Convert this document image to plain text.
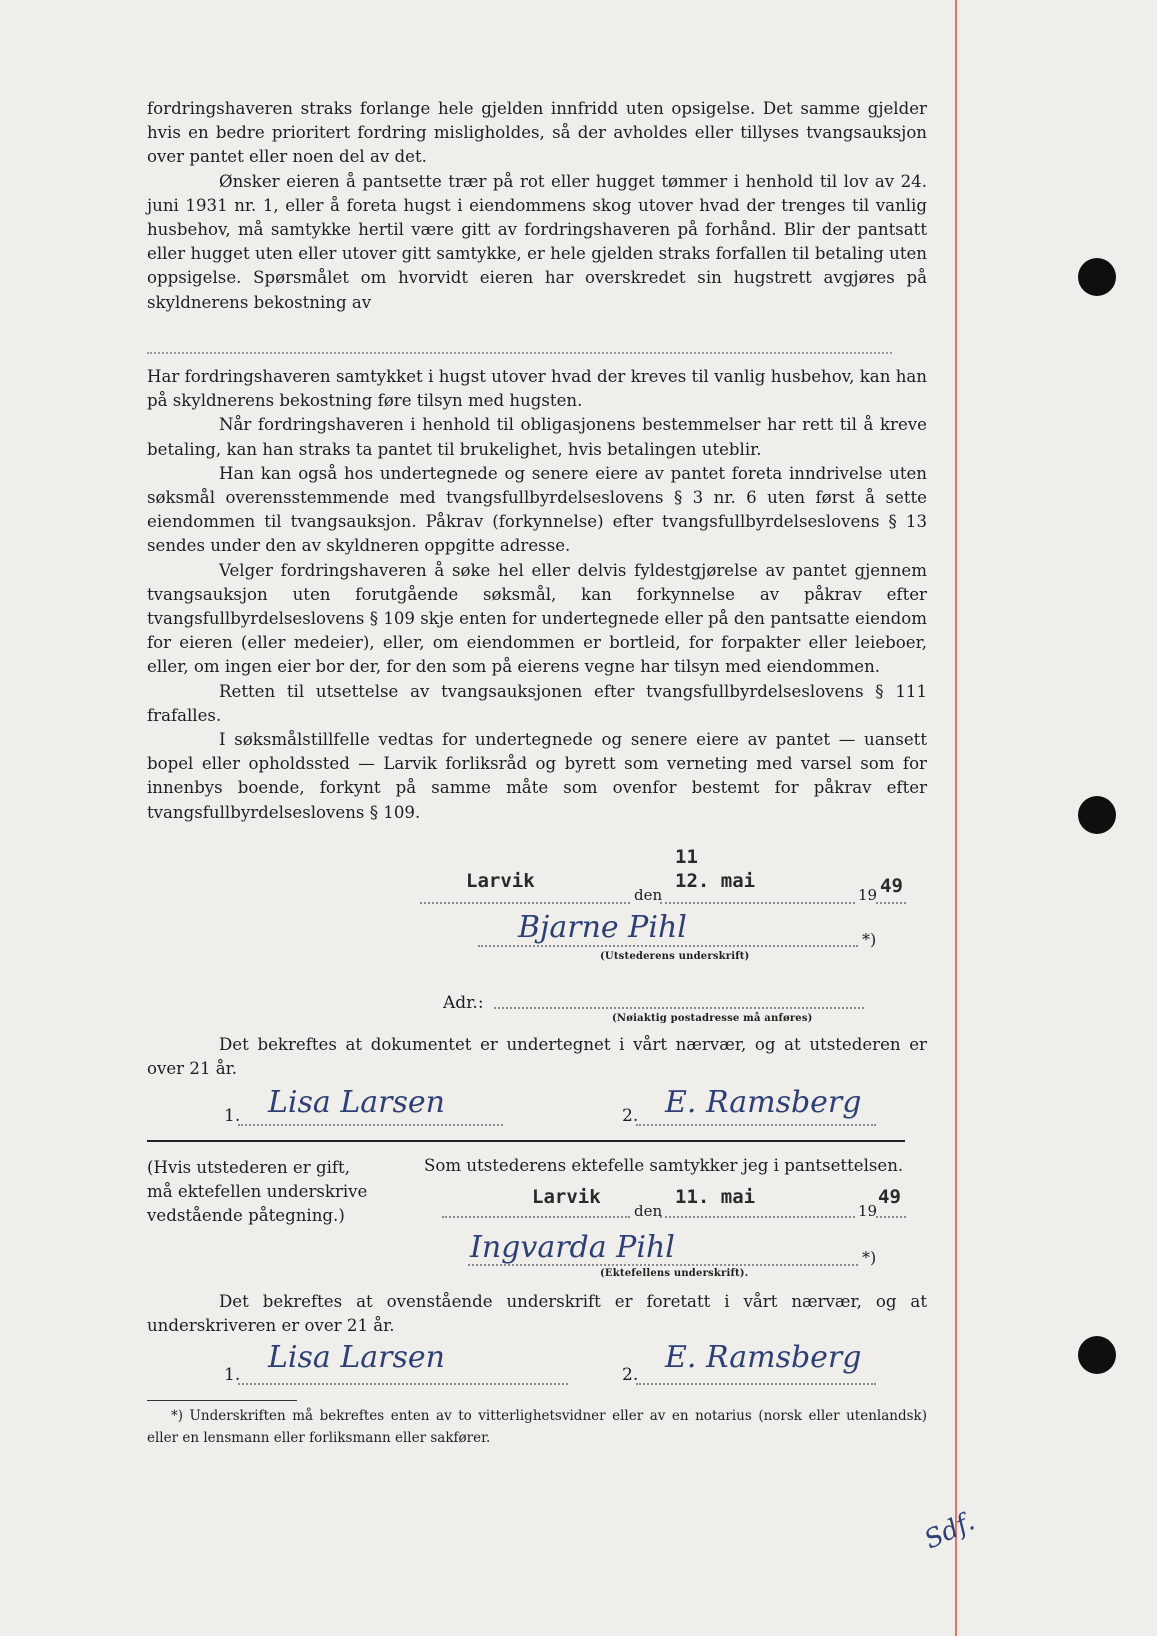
fordringshaveren straks forlange hele gjelden innfridd uten opsigelse. Det samme gjelder hvis en bedre prioritert fordring misligholdes, så der avholdes eller tillyses tvangsauksjon over pantet eller noen del av det.

Ønsker eieren å pantsette trær på rot eller hugget tømmer i henhold til lov av 24. juni 1931 nr. 1, eller å foreta hugst i eiendommens skog utover hvad der trenges til vanlig husbehov, må samtykke hertil være gitt av fordringshaveren på forhånd. Blir der pantsatt eller hugget uten eller utover gitt samtykke, er hele gjelden straks forfallen til betaling uten oppsigelse. Spørsmålet om hvorvidt eieren har overskredet sin hugstrett avgjøres på skyldnerens bekostning av

Har fordringshaveren samtykket i hugst utover hvad der kreves til vanlig husbehov, kan han på skyldnerens bekostning føre tilsyn med hugsten.

Når fordringshaveren i henhold til obligasjonens bestemmelser har rett til å kreve betaling, kan han straks ta pantet til brukelighet, hvis betalingen uteblir.

Han kan også hos undertegnede og senere eiere av pantet foreta inndrivelse uten søksmål overensstemmende med tvangsfullbyrdelseslovens § 3 nr. 6 uten først å sette eiendommen til tvangsauksjon. Påkrav (forkynnelse) efter tvangsfullbyrdelseslovens § 13 sendes under den av skyldneren oppgitte adresse.

Velger fordringshaveren å søke hel eller delvis fyldestgjørelse av pantet gjennem tvangsauksjon uten forutgående søksmål, kan forkynnelse av påkrav efter tvangsfullbyrdelseslovens § 109 skje enten for undertegnede eller på den pantsatte eiendom for eieren (eller medeier), eller, om eiendommen er bortleid, for forpakter eller leieboer, eller, om ingen eier bor der, for den som på eierens vegne har tilsyn med eiendommen.

Retten til utsettelse av tvangsauksjonen efter tvangsfullbyrdelseslovens § 111 frafalles.

I søksmålstillfelle vedtas for undertegnede og senere eiere av pantet — uansett bopel eller opholdssted — Larvik forliksråd og byrett som verneting med varsel som for innenbys boende, forkynt på samme måte som ovenfor bestemt for påkrav efter tvangsfullbyrdelseslovens § 109.

Larvik
den
11
12. mai
19 49
Bjarne Pihl	*)
(Utstederens underskrift)
Adr.:
(Nøiaktig postadresse må anføres)

Det bekreftes at dokumentet er undertegnet i vårt nærvær, og at utstederen er over 21 år.

1. Lisa Larsen	2. E. Ramsberg
(Hvis utstederen er gift,
må ektefellen underskrive
vedstående påtegning.)
Som utstederens ektefelle samtykker jeg i pantsettelsen.
Larvik
den
11. mai
19
49
Ingvarda Pihl	*)
(Ektefellens underskrift).

Det bekreftes at ovenstående underskrift er foretatt i vårt nærvær, og at underskriveren er over 21 år.

1. Lisa Larsen	2. E. Ramsberg

*) Underskriften må bekreftes enten av to vitterlighetsvidner eller av en notarius (norsk eller utenlandsk) eller en lensmann eller forliksmann eller sakfører.

Sdf.
